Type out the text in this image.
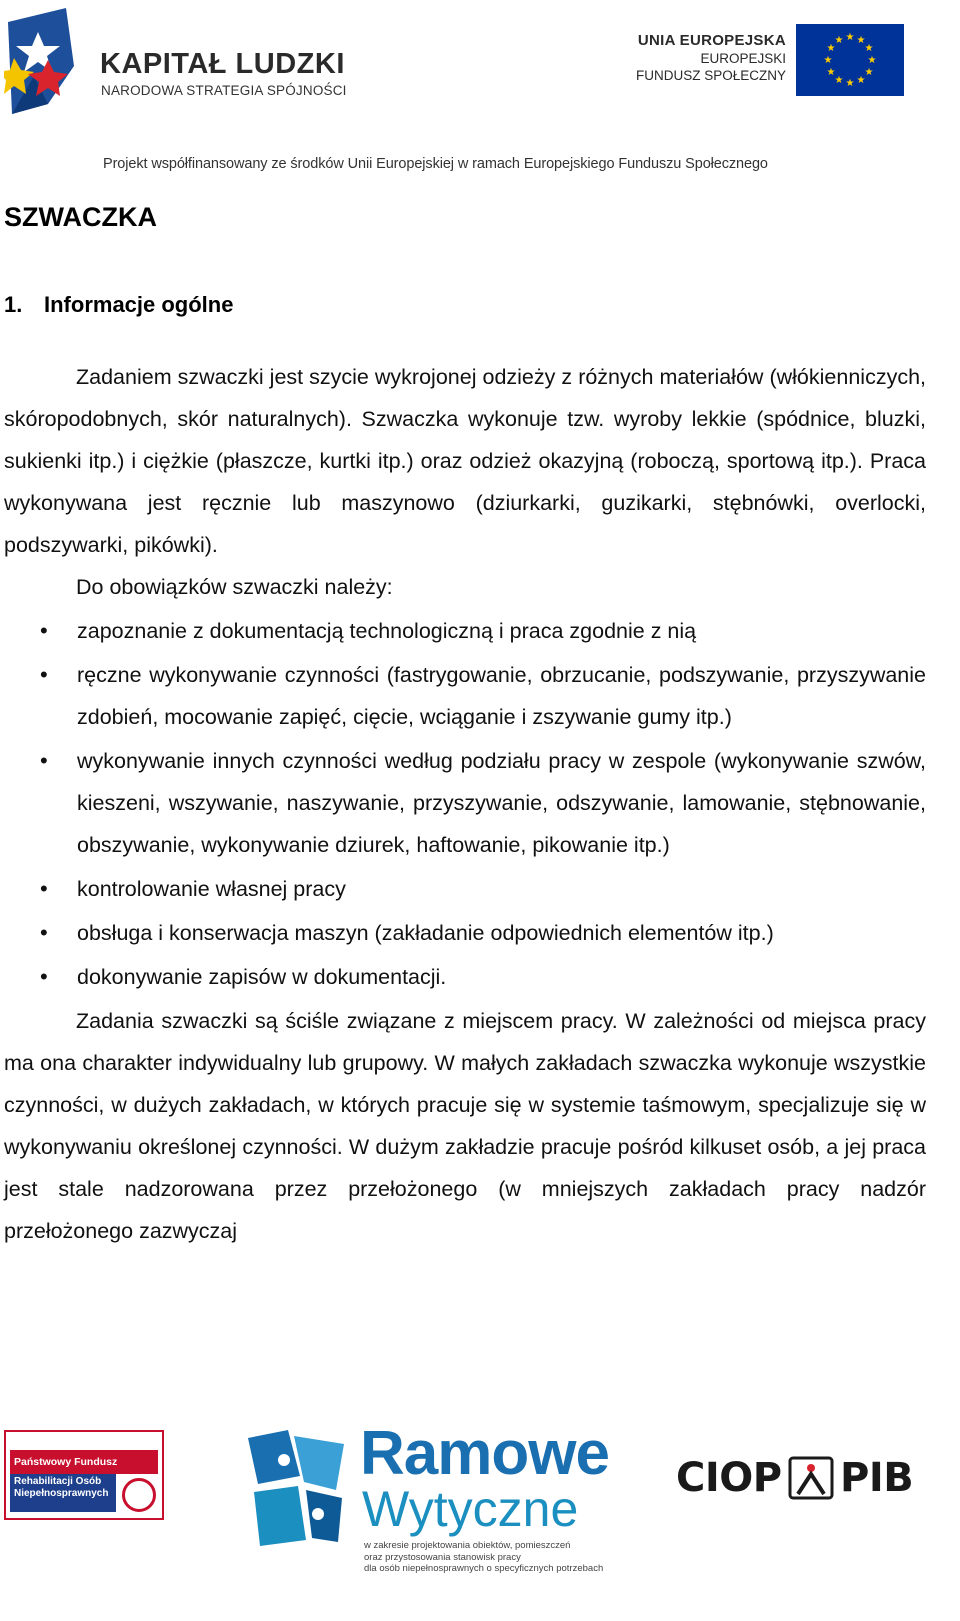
KAPITAŁ LUDZKI
NARODOWA STRATEGIA SPÓJNOŚCI
UNIA EUROPEJSKA
EUROPEJSKI
FUNDUSZ SPOŁECZNY
★ ★
★
★
★
★
★
★
★
★
★
★
Projekt współfinansowany ze środków Unii Europejskiej w ramach Europejskiego Funduszu Społecznego
SZWACZKA
1. Informacje ogólne

Zadaniem szwaczki jest szycie wykrojonej odzieży z różnych materiałów (włókienniczych, skóropodobnych, skór naturalnych). Szwaczka wykonuje tzw. wyroby lekkie (spódnice, bluzki, sukienki itp.) i ciężkie (płaszcze, kurtki itp.) oraz odzież okazyjną (roboczą, sportową itp.). Praca wykonywana jest ręcznie lub maszynowo (dziurkarki, guzikarki, stębnówki, overlocki, podszywarki, pikówki).

Do obowiązków szwaczki należy:

• zapoznanie z dokumentacją technologiczną i praca zgodnie z nią
• ręczne wykonywanie czynności (fastrygowanie, obrzucanie, podszywanie, przyszywanie zdobień, mocowanie zapięć, cięcie, wciąganie i zszywanie gumy itp.)
• wykonywanie innych czynności według podziału pracy w zespole (wykonywanie szwów, kieszeni, wszywanie, naszywanie, przyszywanie, odszywanie, lamowanie, stębnowanie, obszywanie, wykonywanie dziurek, haftowanie, pikowanie itp.)
• kontrolowanie własnej pracy
• obsługa i konserwacja maszyn (zakładanie odpowiednich elementów itp.)
• dokonywanie zapisów w dokumentacji.

Zadania szwaczki są ściśle związane z miejscem pracy. W zależności od miejsca pracy ma ona charakter indywidualny lub grupowy. W małych zakładach szwaczka wykonuje wszystkie czynności, w dużych zakładach, w których pracuje się w systemie taśmowym, specjalizuje się w wykonywaniu określonej czynności. W dużym zakładzie pracuje pośród kilkuset osób, a jej praca jest stale nadzorowana przez przełożonego (w mniejszych zakładach pracy nadzór przełożonego zazwyczaj

Państwowy Fundusz
Rehabilitacji Osób
Niepełnosprawnych
Ramowe
Wytyczne
w zakresie projektowania obiektów, pomieszczeń
oraz przystosowania stanowisk pracy
dla osób niepełnosprawnych o specyficznych potrzebach
CIOP PIB
